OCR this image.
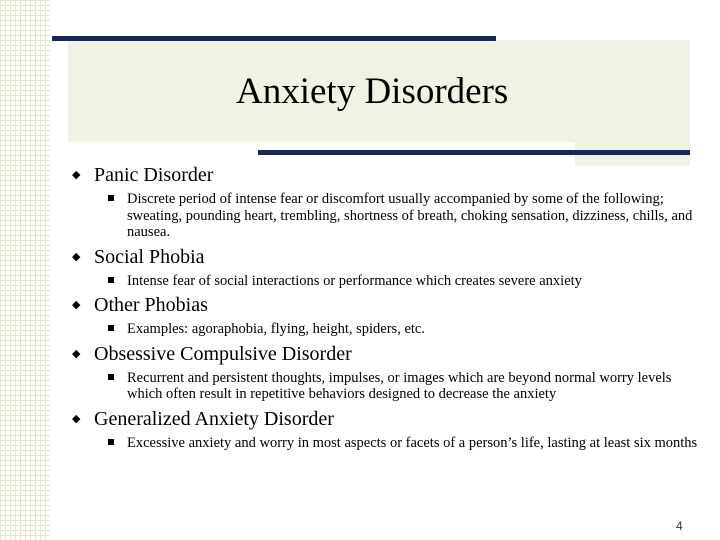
Anxiety Disorders
◆ Panic Disorder
Discrete period of intense fear or discomfort usually accompanied by some of the following; sweating, pounding heart, trembling, shortness of breath, choking sensation, dizziness, chills, and nausea.
◆ Social Phobia
Intense fear of social interactions or performance which creates severe anxiety
◆ Other Phobias
Examples: agoraphobia, flying, height, spiders, etc.
◆ Obsessive Compulsive Disorder
Recurrent and persistent thoughts, impulses, or images which are beyond normal worry levels which often result in repetitive behaviors designed to decrease the anxiety
◆ Generalized Anxiety Disorder
Excessive anxiety and worry in most aspects or facets of a person’s life, lasting at least six months
4
